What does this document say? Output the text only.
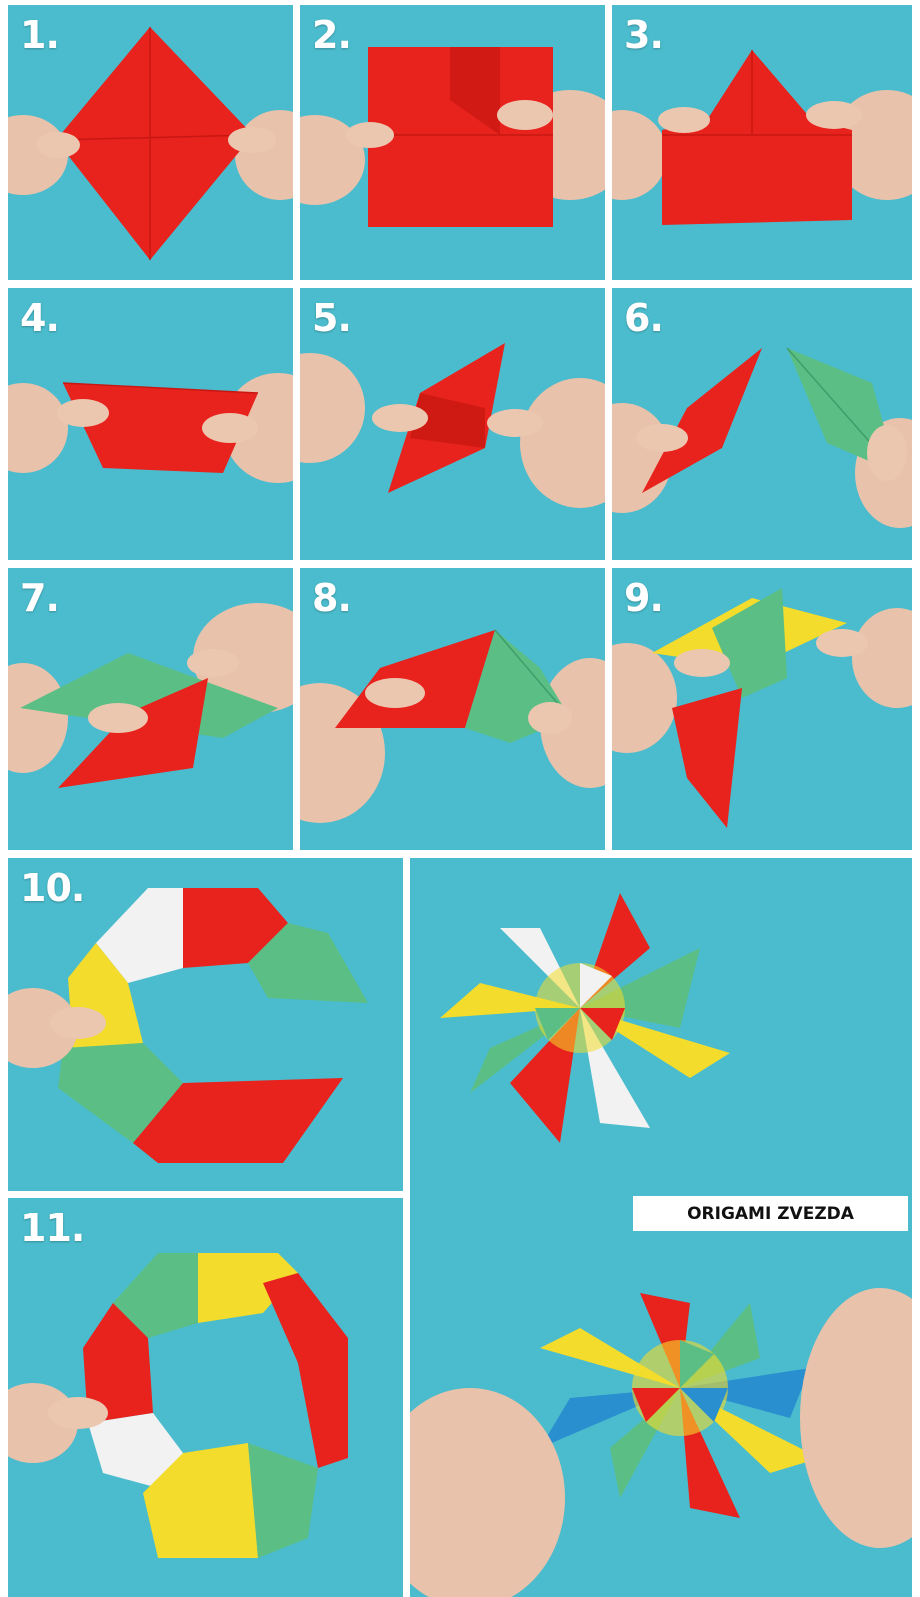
1.	2.	3.
4.	5.	6.
7.	8.	9.
10.
11.	ORIGAMI ZVEZDA
